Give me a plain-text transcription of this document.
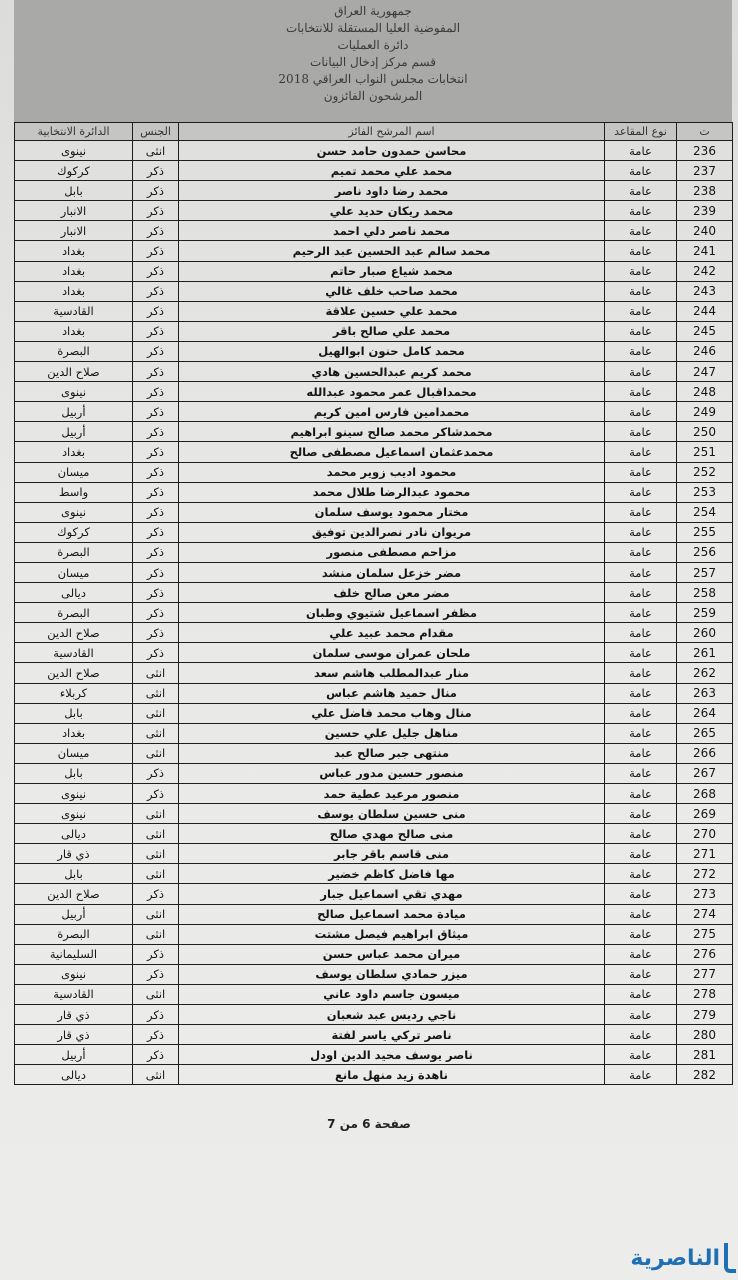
جمهورية العراق
المفوضية العليا المستقلة للانتخابات
دائرة العمليات
قسم مركز إدخال البيانات
انتخابات مجلس النواب العراقي 2018
المرشحون الفائزون
ت	نوع المقاعد	اسم المرشح الفائز	الجنس	الدائرة الانتخابية
236	عامة	محاسن حمدون حامد حسن	انثى	نينوى
237	عامة	محمد علي محمد تميم	ذكر	كركوك
238	عامة	محمد رضا داود ناصر	ذكر	بابل
239	عامة	محمد ريكان حديد علي	ذكر	الانبار
240	عامة	محمد ناصر دلي احمد	ذكر	الانبار
241	عامة	محمد سالم عبد الحسين عبد الرحيم	ذكر	بغداد
242	عامة	محمد شياع صبار حاتم	ذكر	بغداد
243	عامة	محمد صاحب خلف غالي	ذكر	بغداد
244	عامة	محمد علي حسين علاقة	ذكر	القادسية
245	عامة	محمد علي صالح باقر	ذكر	بغداد
246	عامة	محمد كامل حنون ابوالهيل	ذكر	البصرة
247	عامة	محمد كريم عبدالحسين هادي	ذكر	صلاح الدين
248	عامة	محمداقبال عمر محمود عبدالله	ذكر	نينوى
249	عامة	محمدامين فارس امين كريم	ذكر	أربيل
250	عامة	محمدشاكر محمد صالح سينو ابراهيم	ذكر	أربيل
251	عامة	محمدعثمان اسماعيل مصطفى صالح	ذكر	بغداد
252	عامة	محمود اديب زوير محمد	ذكر	ميسان
253	عامة	محمود عبدالرضا طلال محمد	ذكر	واسط
254	عامة	مختار محمود يوسف سلمان	ذكر	نينوى
255	عامة	مريوان نادر نصرالدين توفيق	ذكر	كركوك
256	عامة	مزاحم مصطفى منصور	ذكر	البصرة
257	عامة	مضر خزعل سلمان منشد	ذكر	ميسان
258	عامة	مضر معن صالح خلف	ذكر	ديالى
259	عامة	مظفر اسماعيل شتيوي وطبان	ذكر	البصرة
260	عامة	مقدام محمد عبيد علي	ذكر	صلاح الدين
261	عامة	ملحان عمران موسى سلمان	ذكر	القادسية
262	عامة	منار عبدالمطلب هاشم سعد	انثى	صلاح الدين
263	عامة	منال حميد هاشم عباس	انثى	كربلاء
264	عامة	منال وهاب محمد فاضل علي	انثى	بابل
265	عامة	مناهل جليل علي حسين	انثى	بغداد
266	عامة	منتهى جبر صالح عبد	انثى	ميسان
267	عامة	منصور حسين مدور عباس	ذكر	بابل
268	عامة	منصور مرعيد عطية حمد	ذكر	نينوى
269	عامة	منى حسين سلطان يوسف	انثى	نينوى
270	عامة	منى صالح مهدي صالح	انثى	ديالى
271	عامة	منى قاسم باقر جابر	انثى	ذي قار
272	عامة	مها فاضل كاظم خضير	انثى	بابل
273	عامة	مهدي تقي اسماعيل جبار	ذكر	صلاح الدين
274	عامة	ميادة محمد اسماعيل صالح	انثى	أربيل
275	عامة	ميثاق ابراهيم فيصل مشتت	انثى	البصرة
276	عامة	ميران محمد عباس حسن	ذكر	السليمانية
277	عامة	ميزر حمادي سلطان يوسف	ذكر	نينوى
278	عامة	ميسون جاسم داود عاني	انثى	القادسية
279	عامة	ناجي رديس عبد شعبان	ذكر	ذي قار
280	عامة	ناصر تركي ياسر لفتة	ذكر	ذي قار
281	عامة	ناصر يوسف محيد الدين اودل	ذكر	أربيل
282	عامة	ناهدة زيد منهل مانع	انثى	ديالى
صفحة 6 من 7
الناصرية
